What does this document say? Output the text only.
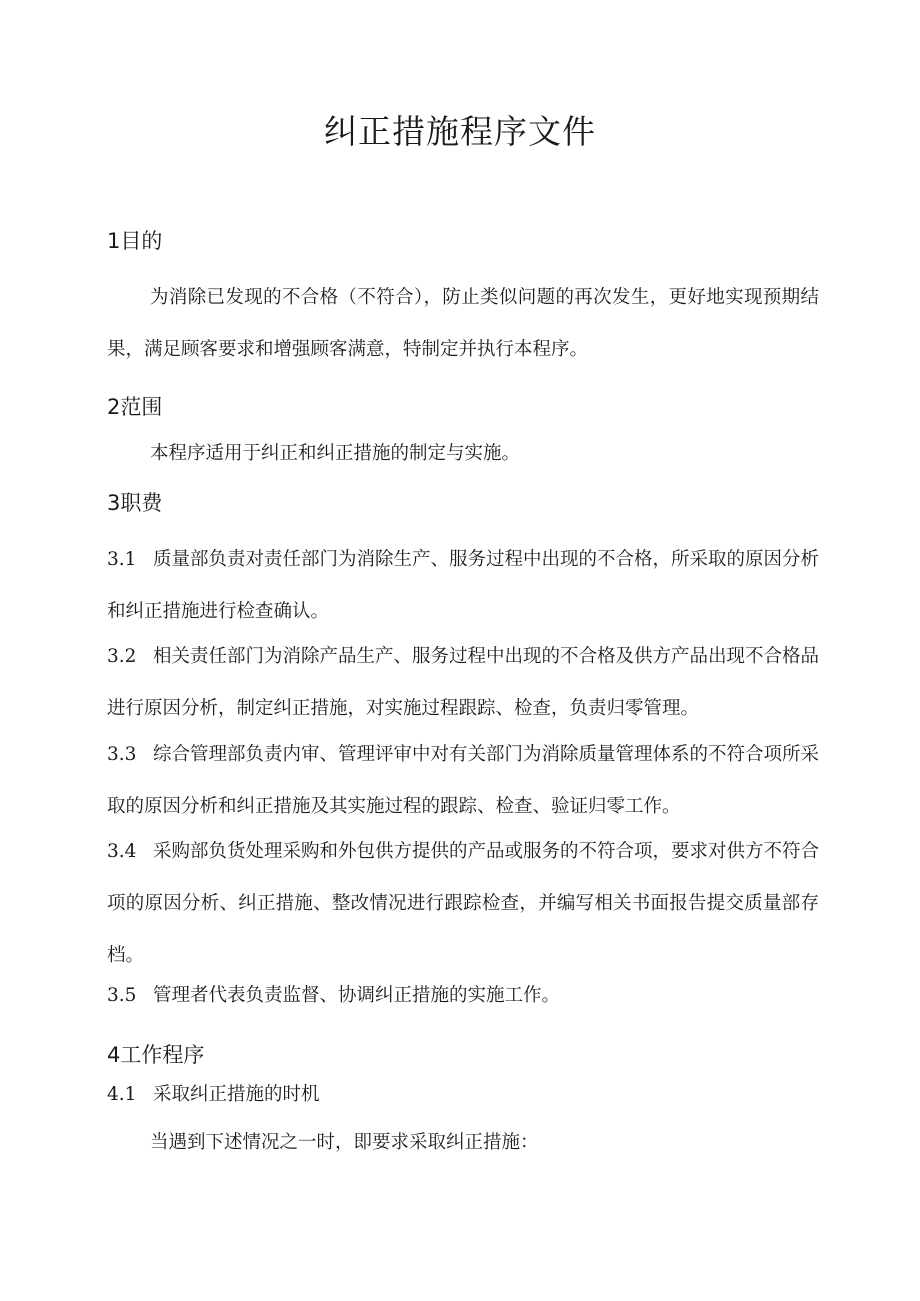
纠正措施程序文件
1目的

为消除已发现的不合格（不符合），防止类似问题的再次发生，更好地实现预期结果，满足顾客要求和增强顾客满意，特制定并执行本程序。

2范围

本程序适用于纠正和纠正措施的制定与实施。

3职费

3.1 质量部负责对责任部门为消除生产、服务过程中出现的不合格，所采取的原因分析和纠正措施进行检查确认。

3.2 相关责任部门为消除产品生产、服务过程中出现的不合格及供方产品出现不合格品进行原因分析，制定纠正措施，对实施过程跟踪、检查，负责归零管理。

3.3 综合管理部负责内审、管理评审中对有关部门为消除质量管理体系的不符合项所采取的原因分析和纠正措施及其实施过程的跟踪、检查、验证归零工作。

3.4 采购部负货处理采购和外包供方提供的产品或服务的不符合项，要求对供方不符合项的原因分析、纠正措施、整改情况进行跟踪检查，并编写相关书面报告提交质量部存档。

3.5 管理者代表负责监督、协调纠正措施的实施工作。

4工作程序

4.1 采取纠正措施的时机

当遇到下述情况之一时，即要求采取纠正措施：
